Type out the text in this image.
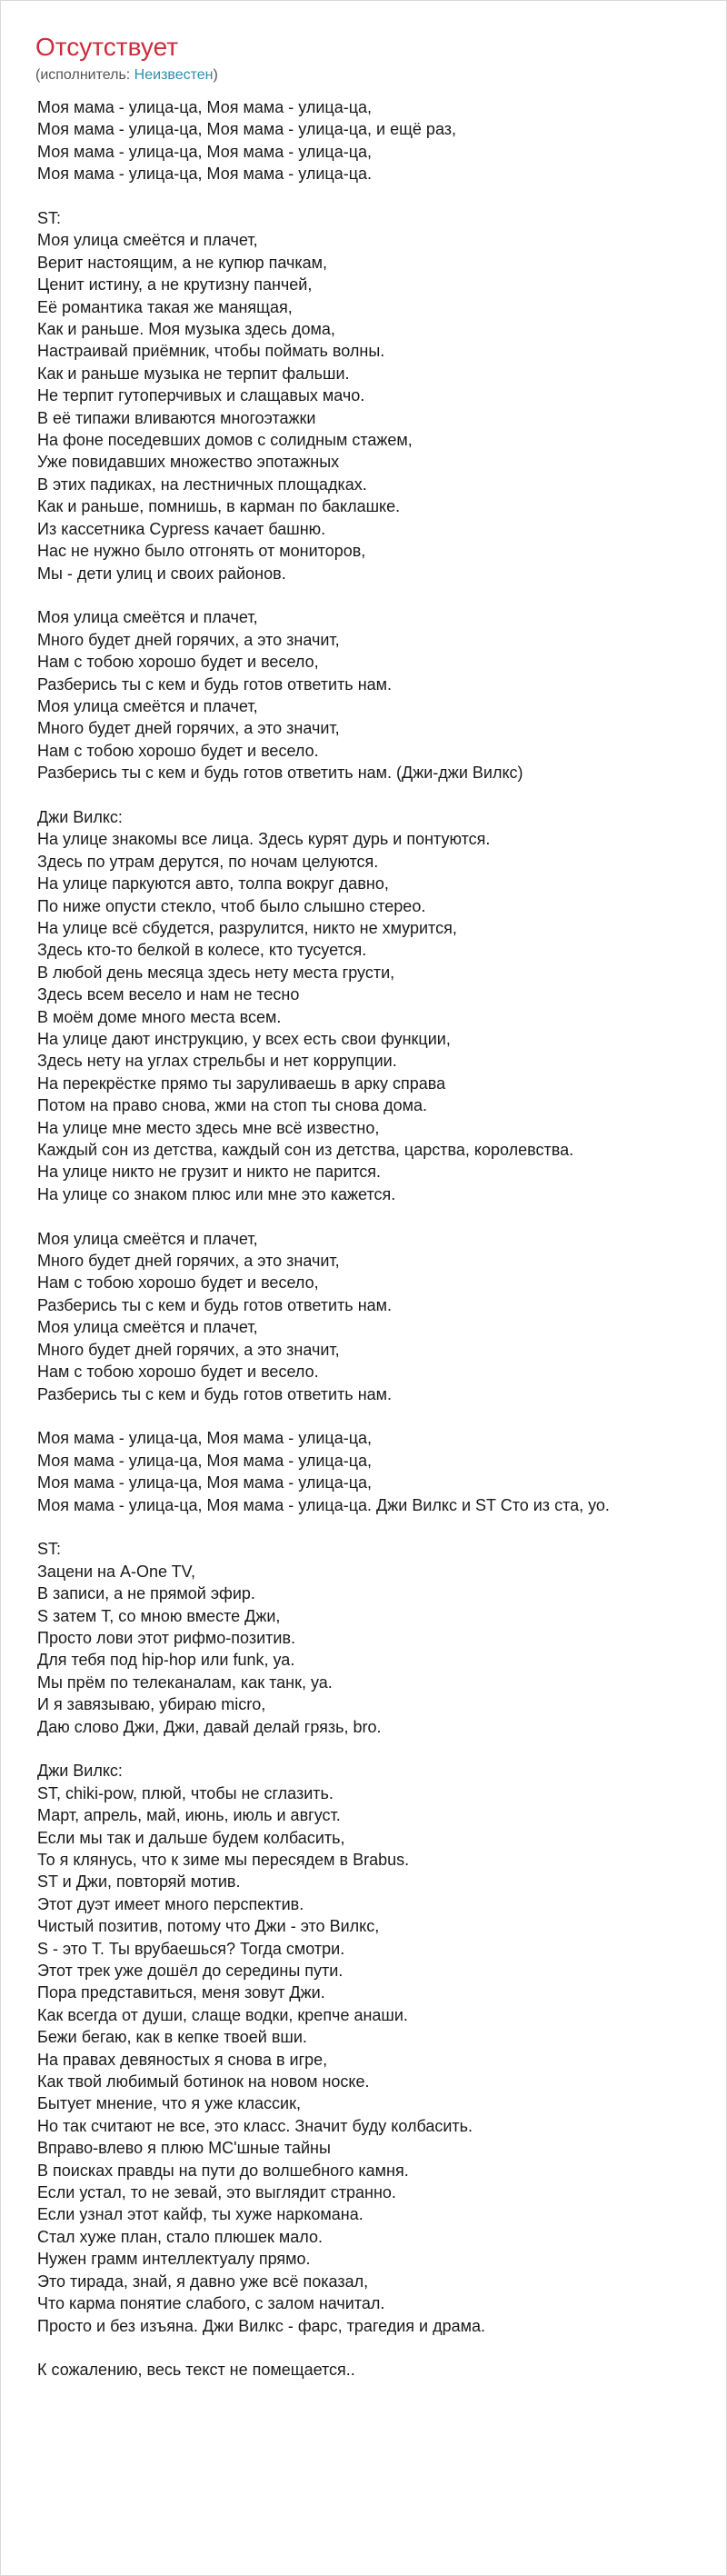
Отсутствует
(исполнитель: Неизвестен)
Моя мама - улица-ца, Моя мама - улица-ца,
Моя мама - улица-ца, Моя мама - улица-ца, и ещё раз,
Моя мама - улица-ца, Моя мама - улица-ца,
Моя мама - улица-ца, Моя мама - улица-ца.
ST:
Моя улица смеётся и плачет,
Верит настоящим, а не купюр пачкам,
Ценит истину, а не крутизну панчей,
Её романтика такая же манящая,
Как и раньше. Моя музыка здесь дома,
Настраивай приёмник, чтобы поймать волны.
Как и раньше музыка не терпит фальши.
Не терпит гутоперчивых и слащавых мачо.
В её типажи вливаются многоэтажки
На фоне поседевших домов с солидным стажем,
Уже повидавших множество эпотажных
В этих падиках, на лестничных площадках.
Как и раньше, помнишь, в карман по баклашке.
Из кассетника Cypress качает башню.
Нас не нужно было отгонять от мониторов,
Мы - дети улиц и своих районов.
Моя улица смеётся и плачет,
Много будет дней горячих, а это значит,
Нам с тобою хорошо будет и весело,
Разберись ты с кем и будь готов ответить нам.
Моя улица смеётся и плачет,
Много будет дней горячих, а это значит,
Нам с тобою хорошо будет и весело.
Разберись ты с кем и будь готов ответить нам. (Джи-джи Вилкс)
Джи Вилкс:
На улице знакомы все лица. Здесь курят дурь и понтуются.
Здесь по утрам дерутся, по ночам целуются.
На улице паркуются авто, толпа вокруг давно,
По ниже опусти стекло, чтоб было слышно стерео.
На улице всё сбудется, разрулится, никто не хмурится,
Здесь кто-то белкой в колесе, кто тусуется.
В любой день месяца здесь нету места грусти,
Здесь всем весело и нам не тесно
В моём доме много места всем.
На улице дают инструкцию, у всех есть свои функции,
Здесь нету на углах стрельбы и нет коррупции.
На перекрёстке прямо ты заруливаешь в арку справа
Потом на право снова, жми на стоп ты снова дома.
На улице мне место здесь мне всё известно,
Каждый сон из детства, каждый сон из детства, царства, королевства.
На улице никто не грузит и никто не парится.
На улице со знаком плюс или мне это кажется.
Моя улица смеётся и плачет,
Много будет дней горячих, а это значит,
Нам с тобою хорошо будет и весело,
Разберись ты с кем и будь готов ответить нам.
Моя улица смеётся и плачет,
Много будет дней горячих, а это значит,
Нам с тобою хорошо будет и весело.
Разберись ты с кем и будь готов ответить нам.
Моя мама - улица-ца, Моя мама - улица-ца,
Моя мама - улица-ца, Моя мама - улица-ца,
Моя мама - улица-ца, Моя мама - улица-ца,
Моя мама - улица-ца, Моя мама - улица-ца. Джи Вилкс и ST Сто из ста, уо.
ST:
Зацени на A-One TV,
В записи, а не прямой эфир.
S затем T, со мною вместе Джи,
Просто лови этот рифмо-позитив.
Для тебя под hip-hop или funk, уа.
Мы прём по телеканалам, как танк, уа.
И я завязываю, убираю micro,
Даю слово Джи, Джи, давай делай грязь, bro.
Джи Вилкс:
ST, chiki-pow, плюй, чтобы не сглазить.
Март, апрель, май, июнь, июль и август.
Если мы так и дальше будем колбасить,
То я клянусь, что к зиме мы пересядем в Brabus.
ST и Джи, повторяй мотив.
Этот дуэт имеет много перспектив.
Чистый позитив, потому что Джи - это Вилкс,
S - это T. Ты врубаешься? Тогда смотри.
Этот трек уже дошёл до середины пути.
Пора представиться, меня зовут Джи.
Как всегда от души, слаще водки, крепче анаши.
Бежи бегаю, как в кепке твоей вши.
На правах девяностых я снова в игре,
Как твой любимый ботинок на новом носке.
Бытует мнение, что я уже классик,
Но так считают не все, это класс. Значит буду колбасить.
Вправо-влево я плюю МС'шные тайны
В поисках правды на пути до волшебного камня.
Если устал, то не зевай, это выглядит странно.
Если узнал этот кайф, ты хуже наркомана.
Стал хуже план, стало плюшек мало.
Нужен грамм интеллектуалу прямо.
Это тирада, знай, я давно уже всё показал,
Что карма понятие слабого, с залом начитал.
Просто и без изъяна. Джи Вилкс - фарс, трагедия и драма.

К сожалению, весь текст не помещается..
